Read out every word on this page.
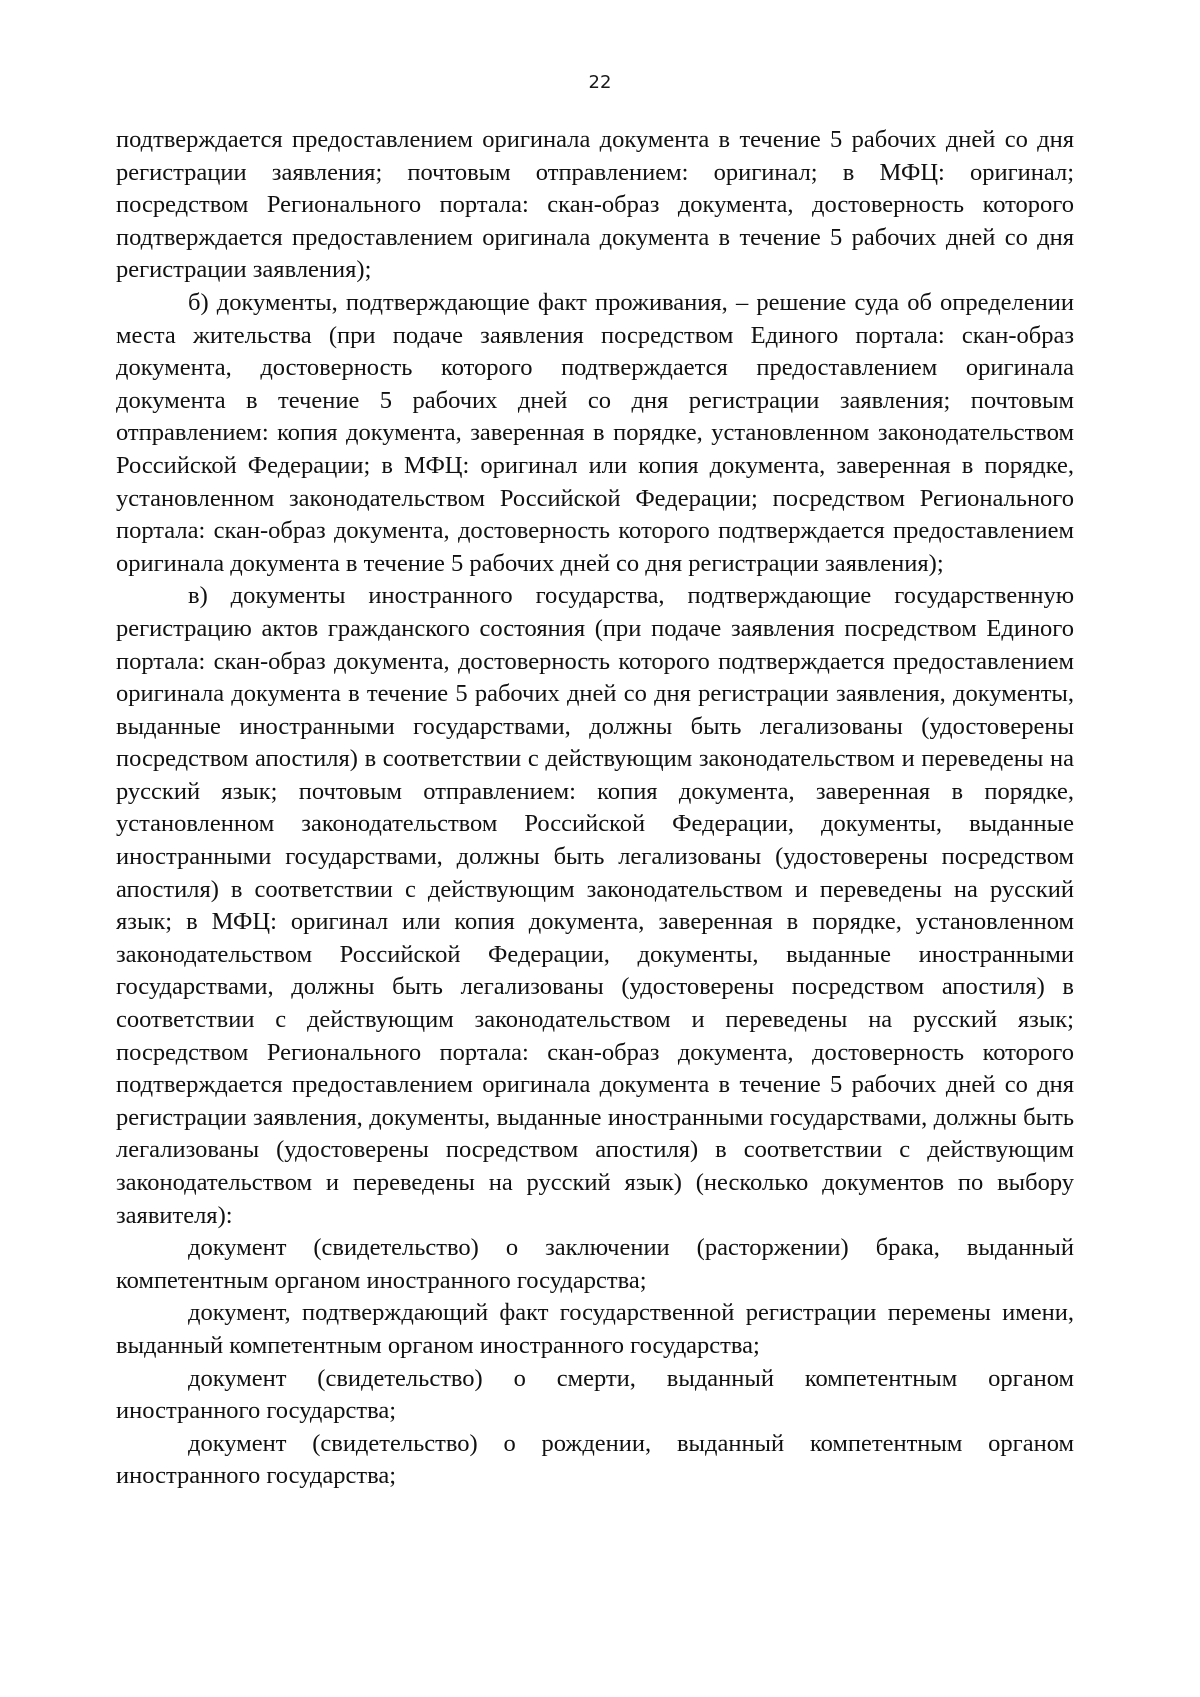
22

подтверждается предоставлением оригинала документа в течение 5 рабочих дней со дня регистрации заявления; почтовым отправлением: оригинал; в МФЦ: оригинал; посредством Регионального портала: скан-образ документа, достоверность которого подтверждается предоставлением оригинала документа в течение 5 рабочих дней со дня регистрации заявления);

б) документы, подтверждающие факт проживания, – решение суда об определении места жительства (при подаче заявления посредством Единого портала: скан-образ документа, достоверность которого подтверждается предоставлением оригинала документа в течение 5 рабочих дней со дня регистрации заявления; почтовым отправлением: копия документа, заверенная в порядке, установленном законодательством Российской Федерации; в МФЦ: оригинал или копия документа, заверенная в порядке, установленном законодательством Российской Федерации; посредством Регионального портала: скан-образ документа, достоверность которого подтверждается предоставлением оригинала документа в течение 5 рабочих дней со дня регистрации заявления);

в) документы иностранного государства, подтверждающие государственную регистрацию актов гражданского состояния (при подаче заявления посредством Единого портала: скан-образ документа, достоверность которого подтверждается предоставлением оригинала документа в течение 5 рабочих дней со дня регистрации заявления, документы, выданные иностранными государствами, должны быть легализованы (удостоверены посредством апостиля) в соответствии с действующим законодательством и переведены на русский язык; почтовым отправлением: копия документа, заверенная в порядке, установленном законодательством Российской Федерации, документы, выданные иностранными государствами, должны быть легализованы (удостоверены посредством апостиля) в соответствии с действующим законодательством и переведены на русский язык; в МФЦ: оригинал или копия документа, заверенная в порядке, установленном законодательством Российской Федерации, документы, выданные иностранными государствами, должны быть легализованы (удостоверены посредством апостиля) в соответствии с действующим законодательством и переведены на русский язык; посредством Регионального портала: скан-образ документа, достоверность которого подтверждается предоставлением оригинала документа в течение 5 рабочих дней со дня регистрации заявления, документы, выданные иностранными государствами, должны быть легализованы (удостоверены посредством апостиля) в соответствии с действующим законодательством и переведены на русский язык) (несколько документов по выбору заявителя):

документ (свидетельство) о заключении (расторжении) брака, выданный компетентным органом иностранного государства;

документ, подтверждающий факт государственной регистрации перемены имени, выданный компетентным органом иностранного государства;

документ (свидетельство) о смерти, выданный компетентным органом иностранного государства;

документ (свидетельство) о рождении, выданный компетентным органом иностранного государства;
